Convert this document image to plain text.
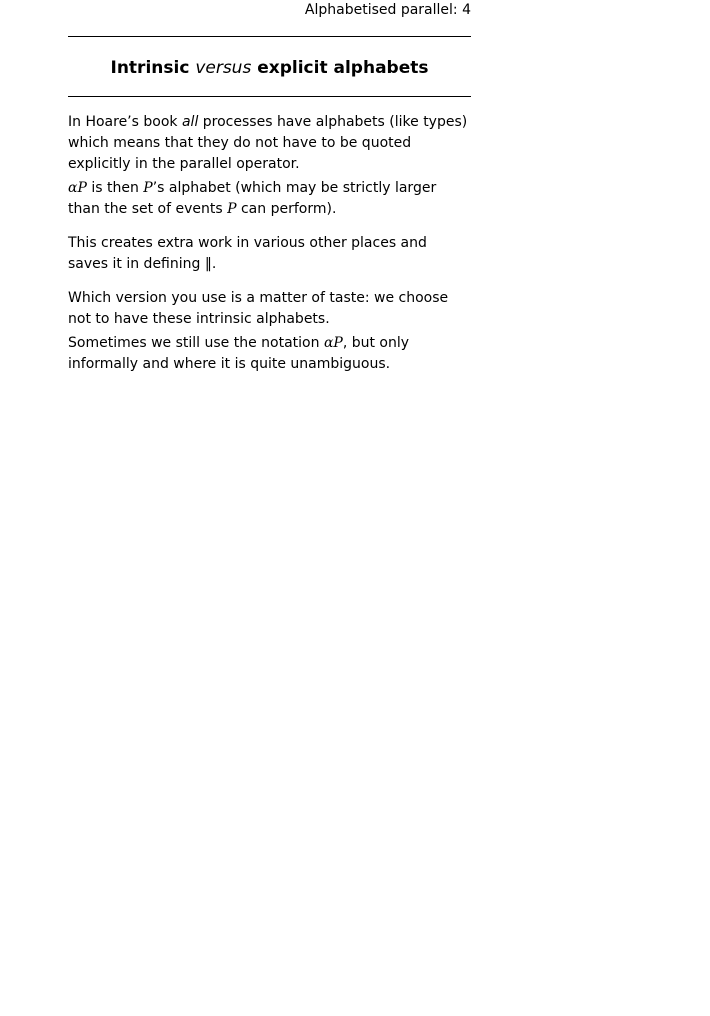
Alphabetised parallel: 4
Intrinsic versus explicit alphabets

In Hoare’s book all processes have alphabets (like types) which means that they do not have to be quoted explicitly in the parallel operator.

αP is then P’s alphabet (which may be strictly larger than the set of events P can perform).

This creates extra work in various other places and saves it in defining ‖.

Which version you use is a matter of taste: we choose not to have these intrinsic alphabets.

Sometimes we still use the notation αP, but only informally and where it is quite unambiguous.
